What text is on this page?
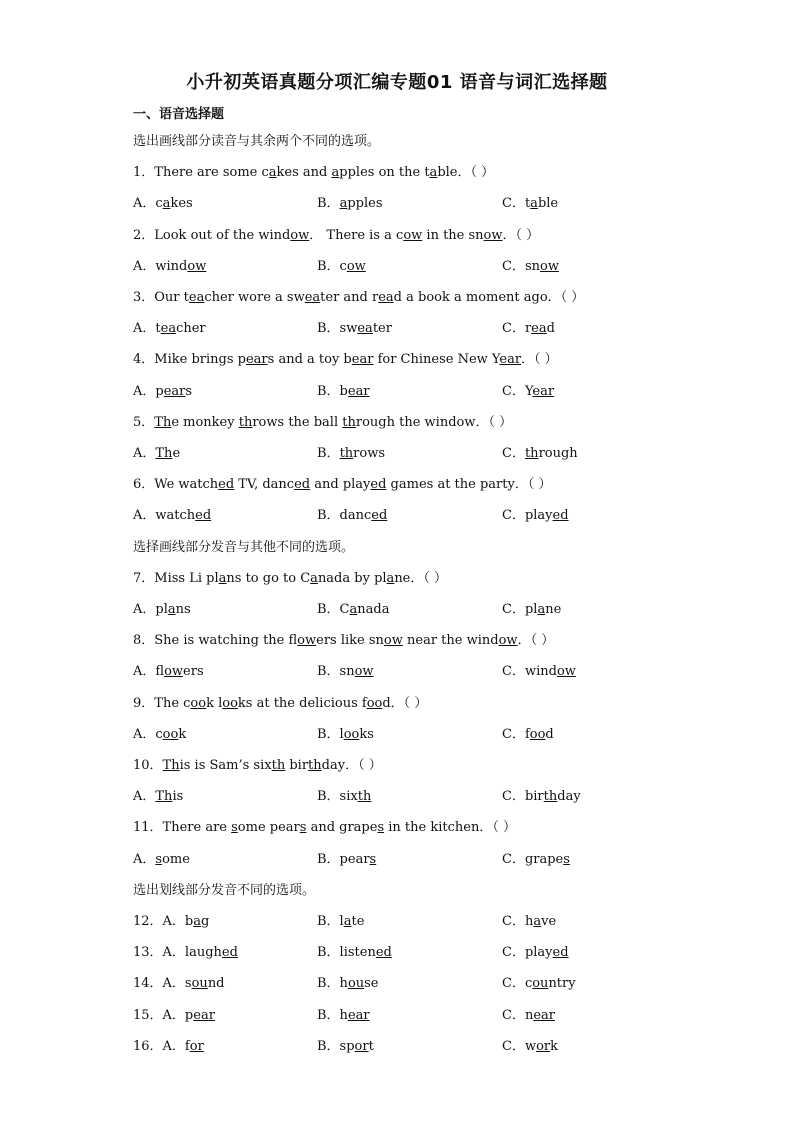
小升初英语真题分项汇编专题01 语音与词汇选择题
一、语音选择题
选出画线部分读音与其余两个不同的选项。
1．There are some cakes and apples on the table．（ ）
A．cakes	B．apples	C．table
2．Look out of the window． There is a cow in the snow．（ ）
A．window	B．cow	C．snow
3．Our teacher wore a sweater and read a book a moment ago．（ ）
A．teacher	B．sweater	C．read
4．Mike brings pears and a toy bear for Chinese New Year．（ ）
A．pears	B．bear	C．Year
5．The monkey throws the ball through the window．（ ）
A．The	B．throws	C．through
6．We watched TV, danced and played games at the party．（ ）
A．watched	B．danced	C．played
选择画线部分发音与其他不同的选项。
7．Miss Li plans to go to Canada by plane．（ ）
A．plans	B．Canada	C．plane
8．She is watching the flowers like snow near the window．（ ）
A．flowers	B．snow	C．window
9．The cook looks at the delicious food．（ ）
A．cook	B．looks	C．food
10．This is Sam’s sixth birthday．（ ）
A．This	B．sixth	C．birthday
11．There are some pears and grapes in the kitchen．（ ）
A．some	B．pears	C．grapes
选出划线部分发音不同的选项。
12．A．bag	B．late	C．have
13．A．laughed	B．listened	C．played
14．A．sound	B．house	C．country
15．A．pear	B．hear	C．near
16．A．for	B．sport	C．work
